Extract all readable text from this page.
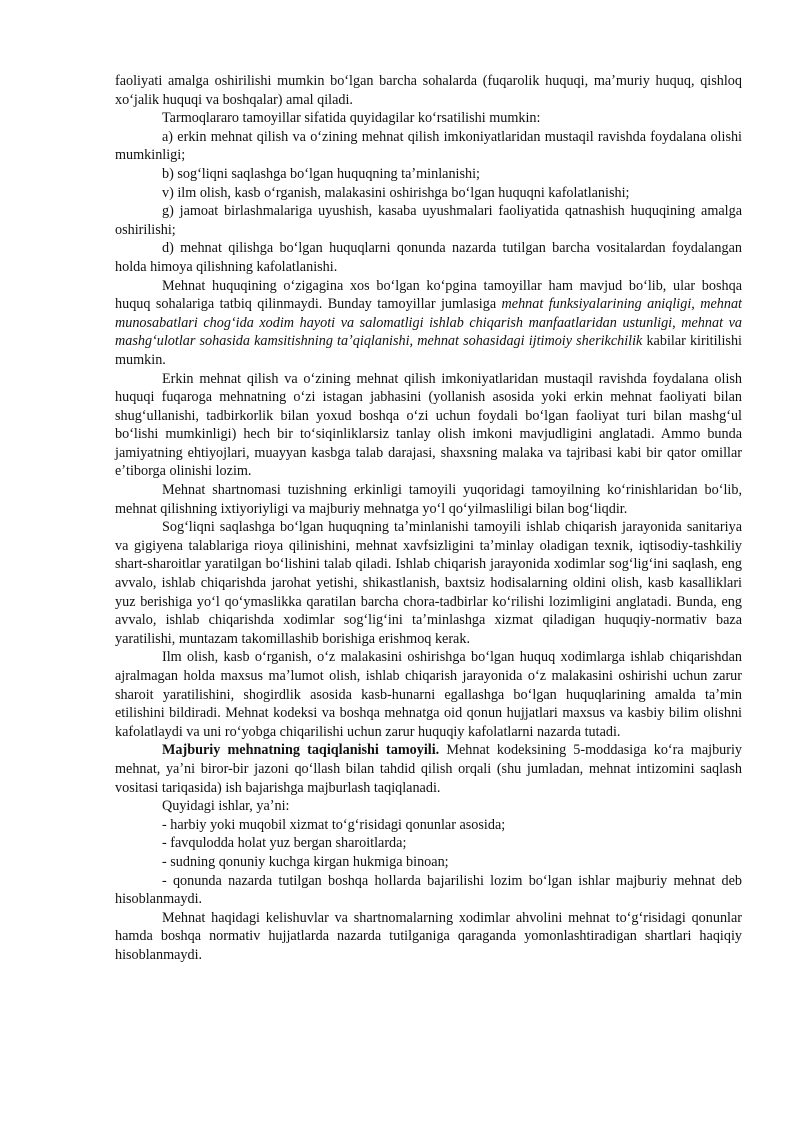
faoliyati amalga oshirilishi mumkin boʻlgan barcha sohalarda (fuqarolik huquqi, maʼmuriy huquq, qishloq xoʻjalik huquqi va boshqalar) amal qiladi.

Tarmoqlararo tamoyillar sifatida quyidagilar koʻrsatilishi mumkin:

a) erkin mehnat qilish va oʻzining mehnat qilish imkoniyatlaridan mustaqil ravishda foydalana olishi mumkinligi;

b) sogʻliqni saqlashga boʻlgan huquqning taʼminlanishi;

v) ilm olish, kasb oʻrganish, malakasini oshirishga boʻlgan huquqni kafolatlanishi;

g) jamoat birlashmalariga uyushish, kasaba uyushmalari faoliyatida qatnashish huquqining amalga oshirilishi;

d) mehnat qilishga boʻlgan huquqlarni qonunda nazarda tutilgan barcha vositalardan foydalangan holda himoya qilishning kafolatlanishi.

Mehnat huquqining oʻzigagina xos boʻlgan koʻpgina tamoyillar ham mavjud boʻlib, ular boshqa huquq sohalariga tatbiq qilinmaydi. Bunday tamoyillar jumlasiga mehnat funksiyalarining aniqligi, mehnat munosabatlari chogʻida xodim hayoti va salomatligi ishlab chiqarish manfaatlaridan ustunligi, mehnat va mashgʻulotlar sohasida kamsitishning taʼqiqlanishi, mehnat sohasidagi ijtimoiy sherikchilik kabilar kiritilishi mumkin.

Erkin mehnat qilish va oʻzining mehnat qilish imkoniyatlaridan mustaqil ravishda foydalana olish huquqi fuqaroga mehnatning oʻzi istagan jabhasini (yollanish asosida yoki erkin mehnat faoliyati bilan shugʻullanishi, tadbirkorlik bilan yoxud boshqa oʻzi uchun foydali boʻlgan faoliyat turi bilan mashgʻul boʻlishi mumkinligi) hech bir toʻsiqinliklarsiz tanlay olish imkoni mavjudligini anglatadi. Ammo bunda jamiyatning ehtiyojlari, muayyan kasbga talab darajasi, shaxsning malaka va tajribasi kabi bir qator omillar eʼtiborga olinishi lozim.

Mehnat shartnomasi tuzishning erkinligi tamoyili yuqoridagi tamoyilning koʻrinishlaridan boʻlib, mehnat qilishning ixtiyoriyligi va majburiy mehnatga yoʻl qoʻyilmasliligi bilan bogʻliqdir.

Sogʻliqni saqlashga boʻlgan huquqning taʼminlanishi tamoyili ishlab chiqarish jarayonida sanitariya va gigiyena talablariga rioya qilinishini, mehnat xavfsizligini taʼminlay oladigan texnik, iqtisodiy-tashkiliy shart-sharoitlar yaratilgan boʻlishini talab qiladi. Ishlab chiqarish jarayonida xodimlar sogʻligʻini saqlash, eng avvalo, ishlab chiqarishda jarohat yetishi, shikastlanish, baxtsiz hodisalarning oldini olish, kasb kasalliklari yuz berishiga yoʻl qoʻymaslikka qaratilan barcha chora-tadbirlar koʻrilishi lozimligini anglatadi. Bunda, eng avvalo, ishlab chiqarishda xodimlar sogʻligʻini taʼminlashga xizmat qiladigan huquqiy-normativ baza yaratilishi, muntazam takomillashib borishiga erishmoq kerak.

Ilm olish, kasb oʻrganish, oʻz malakasini oshirishga boʻlgan huquq xodimlarga ishlab chiqarishdan ajralmagan holda maxsus maʼlumot olish, ishlab chiqarish jarayonida oʻz malakasini oshirishi uchun zarur sharoit yaratilishini, shogirdlik asosida kasb-hunarni egallashga boʻlgan huquqlarining amalda taʼmin etilishini bildiradi. Mehnat kodeksi va boshqa mehnatga oid qonun hujjatlari maxsus va kasbiy bilim olishni kafolatlaydi va uni roʻyobga chiqarilishi uchun zarur huquqiy kafolatlarni nazarda tutadi.

Majburiy mehnatning taqiqlanishi tamoyili. Mehnat kodeksining 5-moddasiga koʻra majburiy mehnat, yaʼni biror-bir jazoni qoʻllash bilan tahdid qilish orqali (shu jumladan, mehnat intizomini saqlash vositasi tariqasida) ish bajarishga majburlash taqiqlanadi.

Quyidagi ishlar, yaʼni:

- harbiy yoki muqobil xizmat toʻgʻrisidagi qonunlar asosida;

- favqulodda holat yuz bergan sharoitlarda;

- sudning qonuniy kuchga kirgan hukmiga binoan;

- qonunda nazarda tutilgan boshqa hollarda bajarilishi lozim boʻlgan ishlar majburiy mehnat deb hisoblanmaydi.

Mehnat haqidagi kelishuvlar va shartnomalarning xodimlar ahvolini mehnat toʻgʻrisidagi qonunlar hamda boshqa normativ hujjatlarda nazarda tutilganiga qaraganda yomonlashtiradigan shartlari haqiqiy hisoblanmaydi.
